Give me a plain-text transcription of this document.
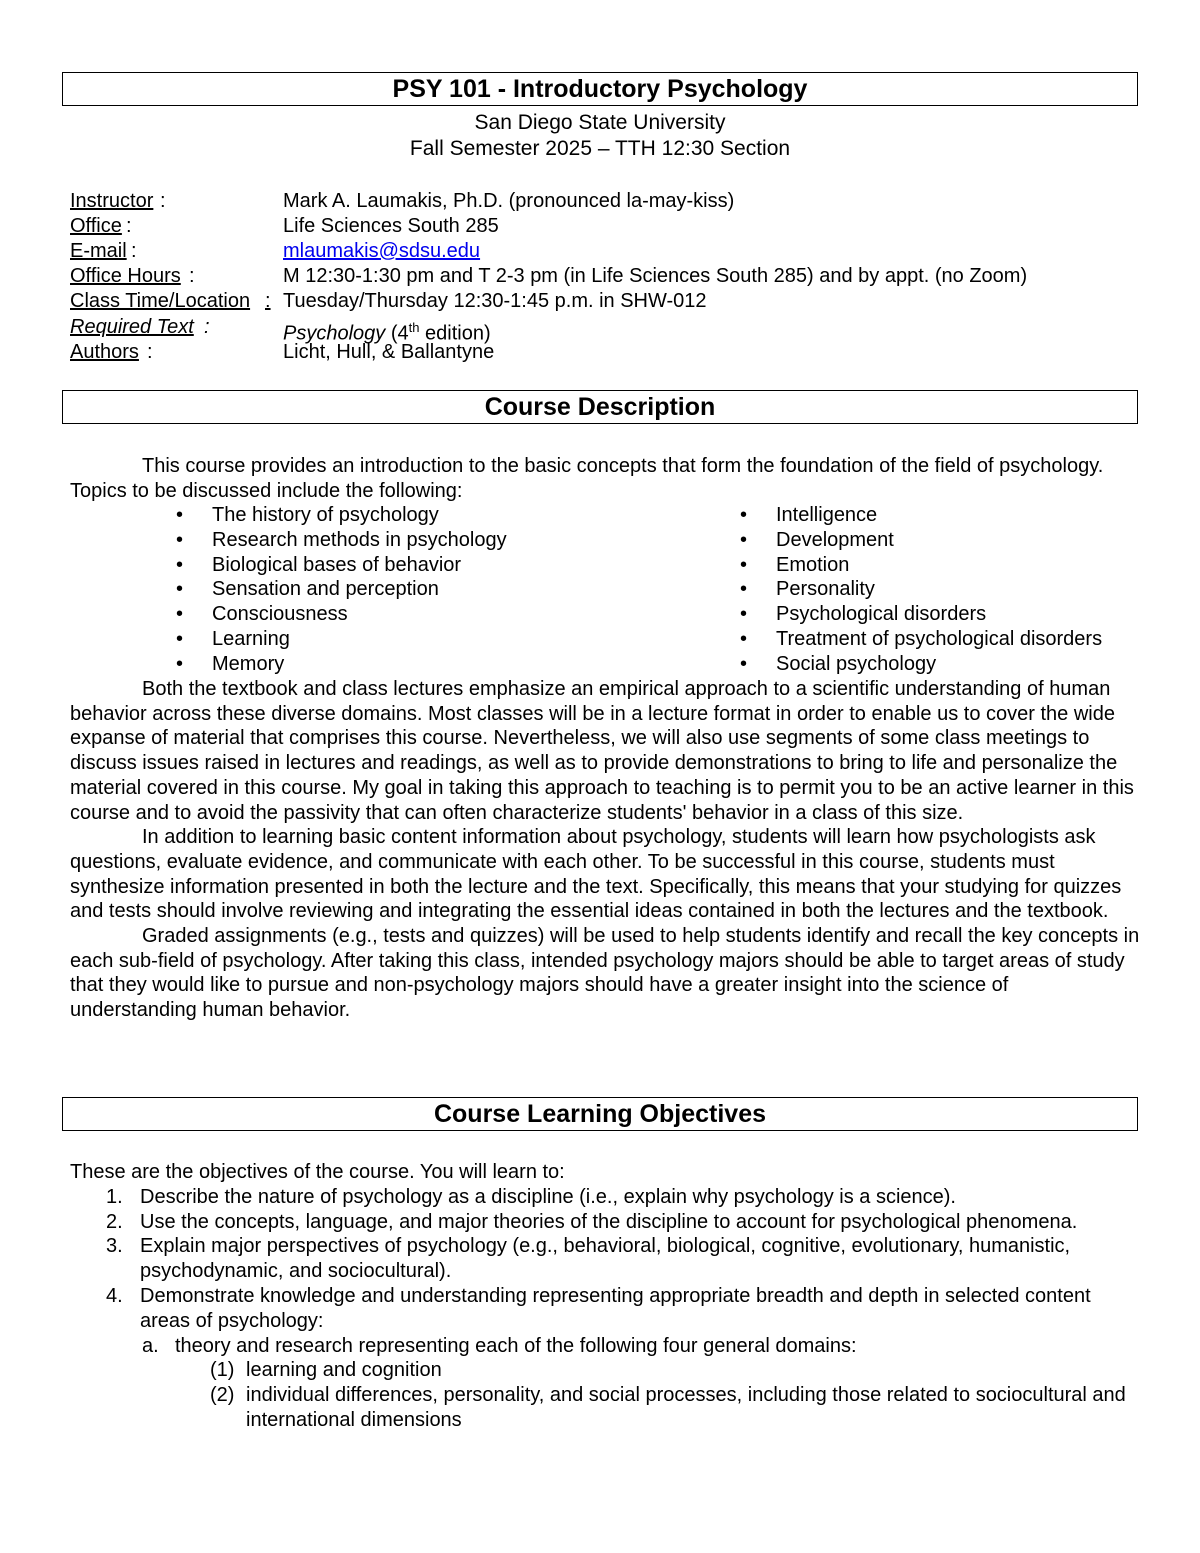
PSY 101 - Introductory Psychology
San Diego State University
Fall Semester 2025 – TTH 12:30 Section
Instructor :	Mark A. Laumakis, Ph.D. (pronounced la-may-kiss)
Office :	Life Sciences South 285
E-mail :	mlaumakis@sdsu.edu
Office Hours :	M 12:30-1:30 pm and T 2-3 pm (in Life Sciences South 285) and by appt. (no Zoom)
Class Time/Location : Tuesday/Thursday 12:30-1:45 p.m. in SHW-012
Required Text :	Psychology (4th edition)
Authors :	Licht, Hull, & Ballantyne
Course Description

This course provides an introduction to the basic concepts that form the foundation of the field of psychology. Topics to be discussed include the following:

• The history of psychology
• Research methods in psychology
• Biological bases of behavior
• Sensation and perception
• Consciousness
• Learning
• Memory
• Intelligence
• Development
• Emotion
• Personality
• Psychological disorders
• Treatment of psychological disorders
• Social psychology

Both the textbook and class lectures emphasize an empirical approach to a scientific understanding of human behavior across these diverse domains. Most classes will be in a lecture format in order to enable us to cover the wide expanse of material that comprises this course. Nevertheless, we will also use segments of some class meetings to discuss issues raised in lectures and readings, as well as to provide demonstrations to bring to life and personalize the material covered in this course. My goal in taking this approach to teaching is to permit you to be an active learner in this course and to avoid the passivity that can often characterize students' behavior in a class of this size.

In addition to learning basic content information about psychology, students will learn how psychologists ask questions, evaluate evidence, and communicate with each other. To be successful in this course, students must synthesize information presented in both the lecture and the text. Specifically, this means that your studying for quizzes and tests should involve reviewing and integrating the essential ideas contained in both the lectures and the textbook.

Graded assignments (e.g., tests and quizzes) will be used to help students identify and recall the key concepts in each sub-field of psychology. After taking this class, intended psychology majors should be able to target areas of study that they would like to pursue and non-psychology majors should have a greater insight into the science of understanding human behavior.

Course Learning Objectives
These are the objectives of the course. You will learn to:
1. Describe the nature of psychology as a discipline (i.e., explain why psychology is a science).
2. Use the concepts, language, and major theories of the discipline to account for psychological phenomena.
3. Explain major perspectives of psychology (e.g., behavioral, biological, cognitive, evolutionary, humanistic, psychodynamic, and sociocultural).
4. Demonstrate knowledge and understanding representing appropriate breadth and depth in selected content areas of psychology:
a. theory and research representing each of the following four general domains:
(1) learning and cognition
(2) individual differences, personality, and social processes, including those related to sociocultural and international dimensions
